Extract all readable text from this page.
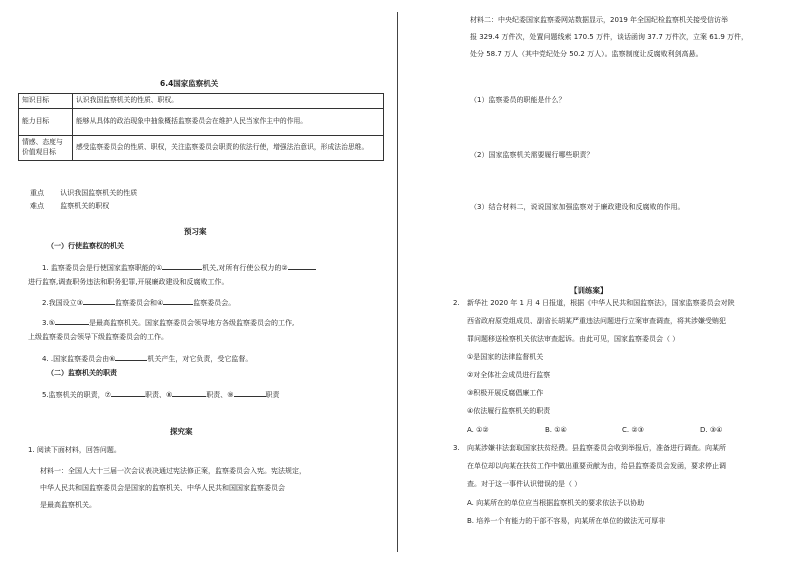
6.4国家监察机关
知识目标	认识我国监察机关的性质、职权。
能力目标	能够从具体的政治现象中抽象概括监察委员会在维护人民当家作主中的作用。
情感、态度与价值观目标	感受监察委员会的性质、职权，关注监察委员会职责的依法行使，增强法治意识，形成法治思维。
重点 认识我国监察机关的性质
难点 监察机关的职权
预习案
（一）行使监察权的机关
1. 监察委员会是行使国家监察职能的①	机关,对所有行使公权力的②
进行监察,调查职务违法和职务犯罪,开展廉政建设和反腐败工作。
2.我国设立③	监察委员会和④	监察委员会。
3.⑤	是最高监察机关。国家监察委员会领导地方各级监察委员会的工作,
上级监察委员会领导下级监察委员会的工作。
4. .国家监察委员会由⑥	机关产生，对它负责，受它监督。
（二）监察机关的职责
5.监察机关的职责，⑦	职责、⑧	职责、⑨	职责
探究案
1. 阅读下面材料，回答问题。
材料一：全国人大十三届一次会议表决通过宪法修正案，监察委员会入宪。宪法规定，
中华人民共和国监察委员会是国家的监察机关、中华人民共和国国家监察委员会
是最高监察机关。
材料二：中央纪委国家监察委网站数据显示，2019 年全国纪检监察机关接受信访举
报 329.4 万件次，处置问题线索 170.5 万件，谈话函询 37.7 万件次，立案 61.9 万件，
处分 58.7 万人（其中党纪处分 50.2 万人）。监察制度让反腐败利剑高悬。
（1）监察委员的职能是什么？
（2）国家监察机关需要履行哪些职责？
（3）结合材料二，说说国家加强监察对于廉政建设和反腐败的作用。
【训练案】
2. 新华社 2020 年 1 月 4 日报道，根据《中华人民共和国监察法》，国家监察委员会对陕
西省政府原党组成员、副省长胡某严重违法问题进行立案审查调查，将其涉嫌受贿犯
罪问题移送检察机关依法审查起诉。由此可见，国家监察委员会（ ）
①是国家的法律监督机关
②对全体社会成员进行监察
③积极开展反腐倡廉工作
④依法履行监察机关的职责
A. ①②	B. ①④	C. ②③	D. ③④
3. 向某涉嫌非法套取国家扶贫经费。县监察委员会收到举报后，准备进行调查。向某所
在单位却以向某在扶贫工作中做出重要贡献为由，给县监察委员会发函，要求停止调
查。对于这一事件认识错误的是（ ）
A. 向某所在的单位应当根据监察机关的要求依法予以协助
B. 培养一个有能力的干部不容易，向某所在单位的做法无可厚非
